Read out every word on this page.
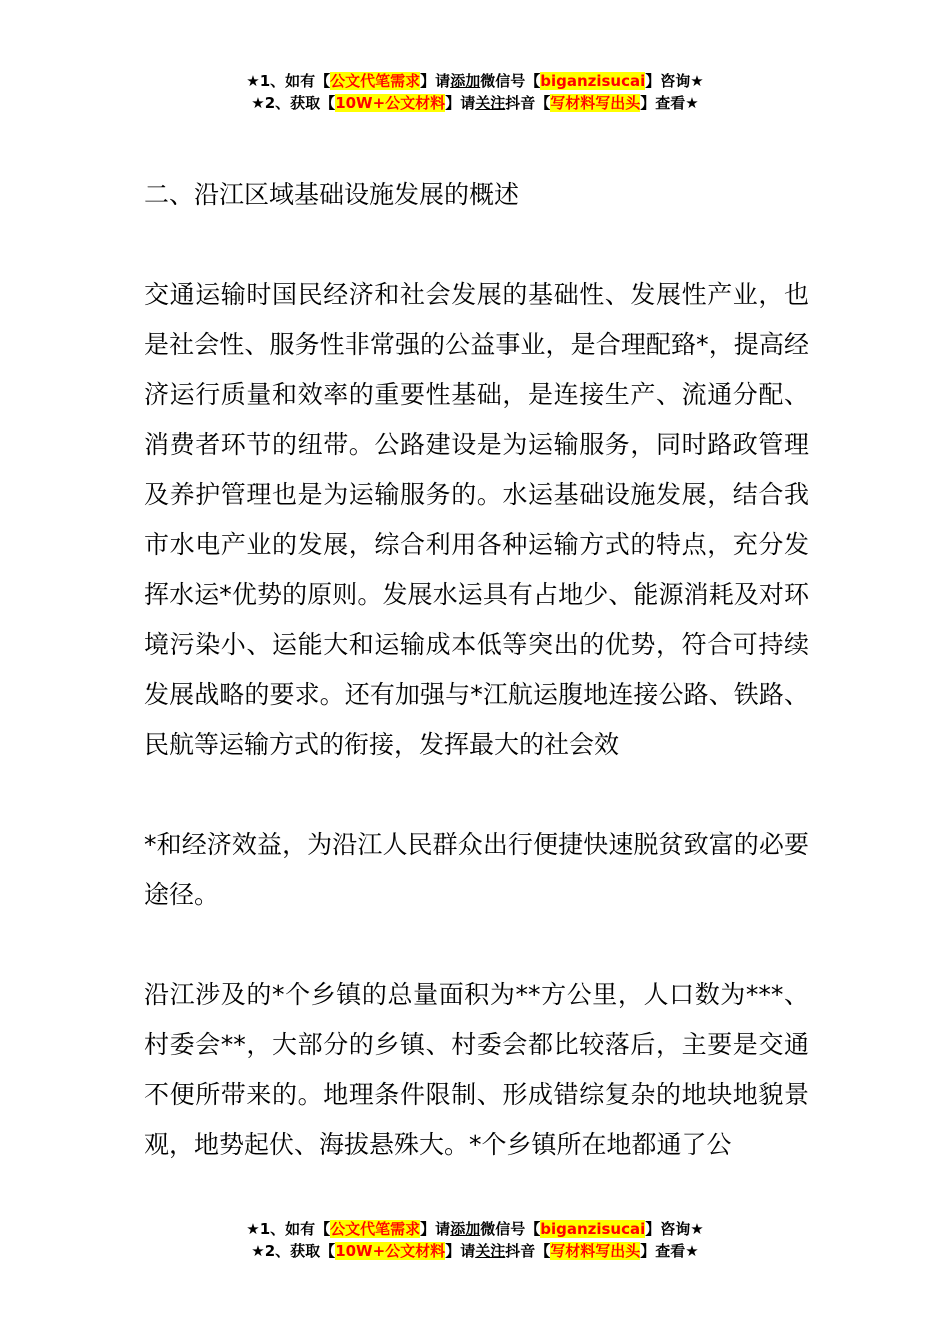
★1、如有【公文代笔需求】请添加微信号【biganzisucai】咨询★
★2、获取【10W+公文材料】请关注抖音【写材料写出头】查看★

二、沿江区域基础设施发展的概述

交通运输时国民经济和社会发展的基础性、发展性产业，也是社会性、服务性非常强的公益事业，是合理配臵*，提高经济运行质量和效率的重要性基础，是连接生产、流通分配、消费者环节的纽带。公路建设是为运输服务，同时路政管理及养护管理也是为运输服务的。水运基础设施发展，结合我市水电产业的发展，综合利用各种运输方式的特点，充分发挥水运*优势的原则。发展水运具有占地少、能源消耗及对环境污染小、运能大和运输成本低等突出的优势，符合可持续发展战略的要求。还有加强与*江航运腹地连接公路、铁路、民航等运输方式的衔接，发挥最大的社会效

*和经济效益，为沿江人民群众出行便捷快速脱贫致富的必要途径。

沿江涉及的*个乡镇的总量面积为**方公里，人口数为***、村委会**，大部分的乡镇、村委会都比较落后，主要是交通不便所带来的。地理条件限制、形成错综复杂的地块地貌景观，地势起伏、海拔悬殊大。*个乡镇所在地都通了公

★1、如有【公文代笔需求】请添加微信号【biganzisucai】咨询★
★2、获取【10W+公文材料】请关注抖音【写材料写出头】查看★
